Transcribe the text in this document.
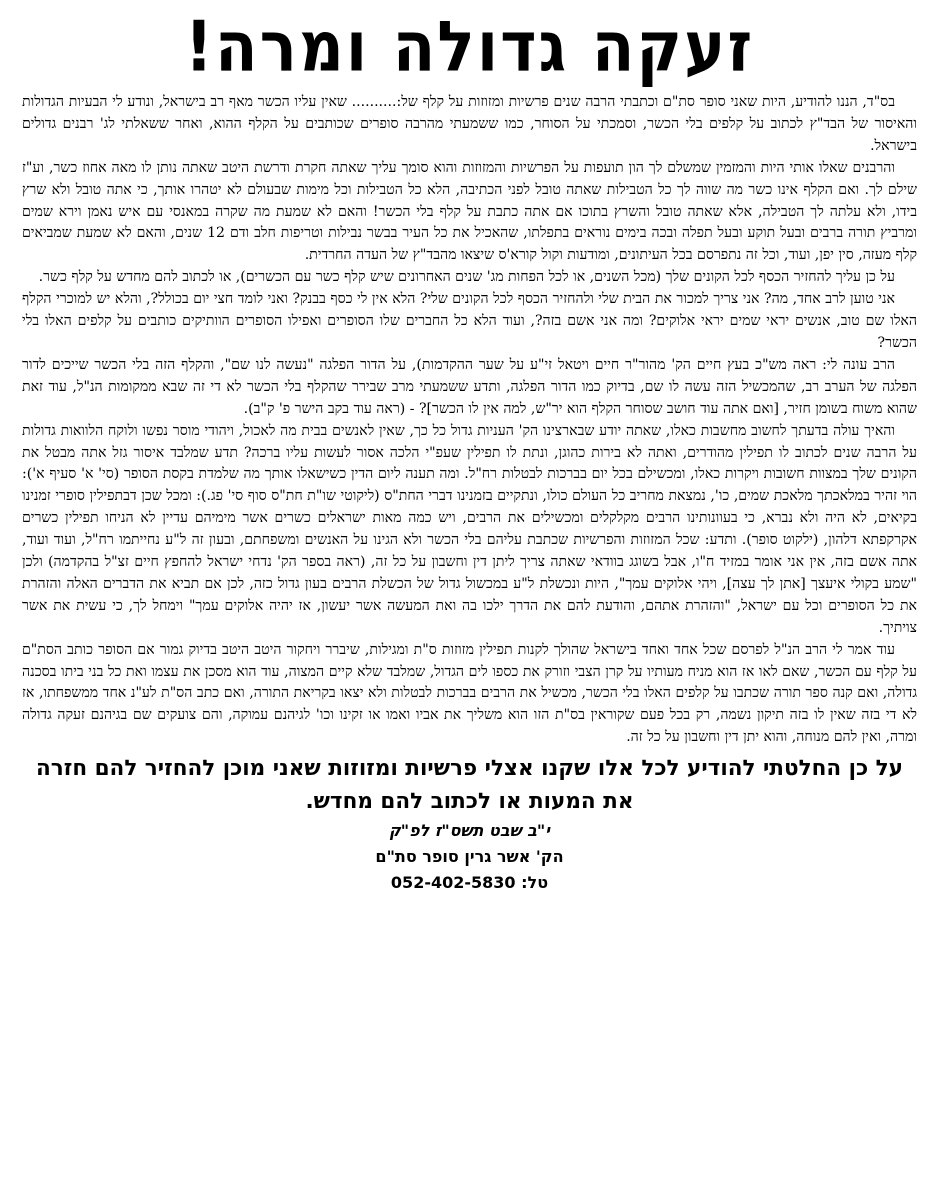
זעקה גדולה ומרה!

בס"ד, הננו להודיע, היות שאני סופר סת"ם וכתבתי הרבה שנים פרשיות ומזוזות על קלף של:.......... שאין עליו הכשר מאף רב בישראל, ונודע לי הבעיות הגדולות והאיסור של הבד"ץ לכתוב על קלפים בלי הכשר, וסמכתי על הסוחר, כמו ששמעתי מהרבה סופרים שכותבים על הקלף ההוא, ואחר ששאלתי לג' רבנים גדולים בישראל.

והרבנים שאלו אותי היות והמזמין שמשלם לך הון תועפות על הפרשיות והמזוזות והוא סומך עליך שאתה חקרת ודרשת היטב שאתה נותן לו מאה אחוז כשר, וע"ז שילם לך. ואם הקלף אינו כשר מה שווה לך כל הטבילות שאתה טובל לפני הכתיבה, הלא כל הטבילות וכל מימות שבעולם לא יטהרו אותך, כי אתה טובל ולא שרץ בידו, ולא עלתה לך הטבילה, אלא שאתה טובל והשרץ בתוכו אם אתה כתבת על קלף בלי הכשר! והאם לא שמעת מה שקרה במאנסי עם איש נאמן וירא שמים ומרביץ תורה ברבים ובעל תוקע ובעל תפלה ובכה בימים נוראים בתפלתו, שהאכיל את כל העיר בבשר נבילות וטריפות חלב ודם 12 שנים, והאם לא שמעת שמביאים קלף מעזה, סין יפן, ועוד, וכל זה נתפרסם בכל העיתונים, ומודעות וקול קורא'ס שיצאו מהבד"ץ של העדה החרדית.

על כן עליך להחזיר הכסף לכל הקונים שלך (מכל השנים, או לכל הפחות מג' שנים האחרונים שיש קלף כשר עם הכשרים), או לכתוב להם מחדש על קלף כשר.

אני טוען לרב אחד, מה? אני צריך למכור את הבית שלי ולהחזיר הכסף לכל הקונים שלי? הלא אין לי כסף בבנק? ואני לומד חצי יום בכולל?, והלא יש למוכרי הקלף האלו שם טוב, אנשים יראי שמים יראי אלוקים? ומה אני אשם בזה?, ועוד הלא כל החברים שלו הסופרים ואפילו הסופרים הוותיקים כותבים על קלפים האלו בלי הכשר?

הרב עונה לי: ראה מש"כ בעץ חיים הק' מהור"ר חיים ויטאל זי"ע על שער ההקדמות), על הדור הפלגה "נעשה לנו שם", והקלף הזה בלי הכשר שייכים לדור הפלגה של הערב רב, שהמכשיל הזה עשה לו שם, בדיוק כמו הדור הפלגה, ותדע ששמעתי מרב שבירר שהקלף בלי הכשר לא די זה שבא ממקומות הנ"ל, עוד זאת שהוא משוח בשומן חזיר, [ואם אתה עוד חושב שסוחר הקלף הוא יר"ש, למה אין לו הכשר]? - (ראה עוד בקב הישר פ' ק"ב).

והאיך עולה בדעתך לחשוב מחשבות כאלו, שאתה יודע שבארצינו הק' העניות גדול כל כך, שאין לאנשים בבית מה לאכול, ויהודי מוסר נפשו ולוקח הלוואות גדולות על הרבה שנים לכתוב לו תפילין מהודרים, ואתה לא בירות כהוגן, ונתת לו תפילין שעפ"י הלכה אסור לעשות עליו ברכה? תדע שמלבד איסור גזל אתה מבטל את הקונים שלך במצוות חשובות ויקרות כאלו, ומכשילם בכל יום בברכות לבטלות רח"ל. ומה תענה ליום הדין כשישאלו אותך מה שלמדת בקסת הסופר (סי' א' סעיף א'): הוי זהיר במלאכתך מלאכת שמים, כו', נמצאת מחריב כל העולם כולו, ונתקיים בזמנינו דברי החת"ס (ליקוטי שו"ת חת"ס סוף סי' פג.): ומכל שכן דבתפילין סופרי זמנינו בקיאים, לא היה ולא נברא, כי בעוונותינו הרבים מקלקלים ומכשילים את הרבים, ויש כמה מאות ישראלים כשרים אשר מימיהם עדיין לא הניחו תפילין כשרים אקרקפתא דלהון, (ילקוט סופר). ותדע: שכל המזוזות והפרשיות שכתבת עליהם בלי הכשר ולא הגינו על האנשים ומשפחתם, ובעון זה ל"ע נחייתמו רח"ל, ועוד ועוד, אתה אשם בזה, אין אני אומר במזיד ח"ו, אבל בשוגג בוודאי שאתה צריך ליתן דין וחשבון על כל זה, (ראה בספר הק' נדחי ישראל להחפץ חיים זצ"ל בהקדמה) ולכן "שמע בקולי איעצך [אתן לך עצה], ויהי אלוקים עמך", היות ונכשלת ל"ע במכשול גדול של הכשלת הרבים בעון גדול כזה, לכן אם תביא את הדברים האלה והזהרת את כל הסופרים וכל עם ישראל, "והזהרת אתהם, והודעת להם את הדרך ילכו בה ואת המעשה אשר יעשון, אז יהיה אלוקים עמך" וימחל לך, כי עשית את אשר צויתיך.

עוד אמר לי הרב הנ"ל לפרסם שכל אחד ואחד בישראל שהולך לקנות תפילין מזוזות ס"ת ומגילות, שיברר ויחקור היטב היטב בדיוק גמור אם הסופר כותב הסת"ם על קלף עם הכשר, שאם לאו אז הוא מניח מעותיו על קרן הצבי וזורק את כספו לים הגדול, שמלבד שלא קיים המצוה, עוד הוא מסכן את עצמו ואת כל בני ביתו בסכנה גדולה, ואם קנה ספר תורה שכתבו על קלפים האלו בלי הכשר, מכשיל את הרבים בברכות לבטלות ולא יצאו בקריאת התורה, ואם כתב הס"ת לע"נ אחד ממשפחתו, אז לא די בזה שאין לו בזה תיקון נשמה, רק בכל פעם שקוראין בס"ת הזו הוא משליך את אביו ואמו או זקינו וכו' לגיהנם עמוקה, והם צועקים שם בגיהנם זעקה גדולה ומרה, ואין להם מנוחה, והוא יתן דין וחשבון על כל זה.

על כן החלטתי להודיע לכל אלו שקנו אצלי פרשיות ומזוזות שאני מוכן להחזיר להם חזרה את המעות או לכתוב להם מחדש.
י"ב שבט תשס"ז לפ"ק
הק' אשר גרין סופר סת"ם
טל: 052-402-5830
